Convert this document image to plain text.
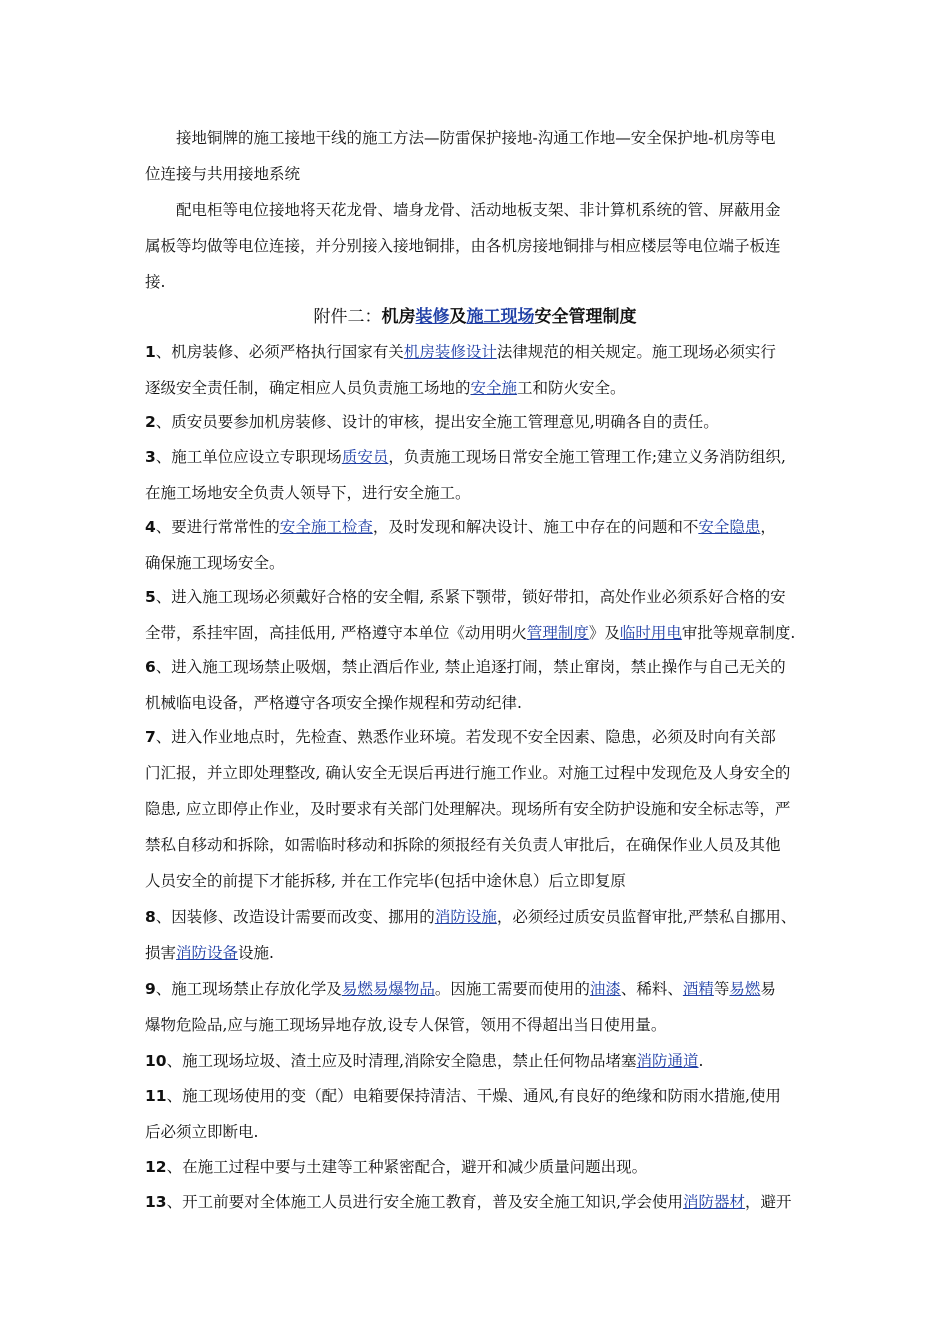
接地铜牌的施工接地干线的施工方法—防雷保护接地-沟通工作地—安全保护地-机房等电
位连接与共用接地系统
配电柜等电位接地将天花龙骨、墙身龙骨、活动地板支架、非计算机系统的管、屏蔽用金
属板等均做等电位连接，并分别接入接地铜排，由各机房接地铜排与相应楼层等电位端子板连
接.
附件二：机房装修及施工现场安全管理制度
1、机房装修、必须严格执行国家有关机房装修设计法律规范的相关规定。施工现场必须实行
逐级安全责任制，确定相应人员负责施工场地的安全施工和防火安全。
2、质安员要参加机房装修、设计的审核，提出安全施工管理意见,明确各自的责任。
3、施工单位应设立专职现场质安员，负责施工现场日常安全施工管理工作;建立义务消防组织,
在施工场地安全负责人领导下，进行安全施工。
4、要进行常常性的安全施工检查，及时发现和解决设计、施工中存在的问题和不安全隐患，
确保施工现场安全。
5、进入施工现场必须戴好合格的安全帽, 系紧下颚带，锁好带扣，高处作业必须系好合格的安
全带，系挂牢固，高挂低用, 严格遵守本单位《动用明火管理制度》及临时用电审批等规章制度.
6、进入施工现场禁止吸烟，禁止酒后作业, 禁止追逐打闹，禁止窜岗，禁止操作与自己无关的
机械临电设备，严格遵守各项安全操作规程和劳动纪律.
7、进入作业地点时，先检查、熟悉作业环境。若发现不安全因素、隐患，必须及时向有关部
门汇报，并立即处理整改, 确认安全无误后再进行施工作业。对施工过程中发现危及人身安全的
隐患, 应立即停止作业，及时要求有关部门处理解决。现场所有安全防护设施和安全标志等，严
禁私自移动和拆除，如需临时移动和拆除的须报经有关负责人审批后，在确保作业人员及其他
人员安全的前提下才能拆移, 并在工作完毕(包括中途休息）后立即复原
8、因装修、改造设计需要而改变、挪用的消防设施，必须经过质安员监督审批,严禁私自挪用、
损害消防设备设施.
9、施工现场禁止存放化学及易燃易爆物品。因施工需要而使用的油漆、稀料、酒精等易燃易
爆物危险品,应与施工现场异地存放,设专人保管，领用不得超出当日使用量。
10、施工现场垃圾、渣土应及时清理,消除安全隐患，禁止任何物品堵塞消防通道.
11、施工现场使用的变（配）电箱要保持清洁、干燥、通风,有良好的绝缘和防雨水措施,使用
后必须立即断电.
12、在施工过程中要与土建等工种紧密配合，避开和减少质量问题出现。
13、开工前要对全体施工人员进行安全施工教育，普及安全施工知识,学会使用消防器材，避开
